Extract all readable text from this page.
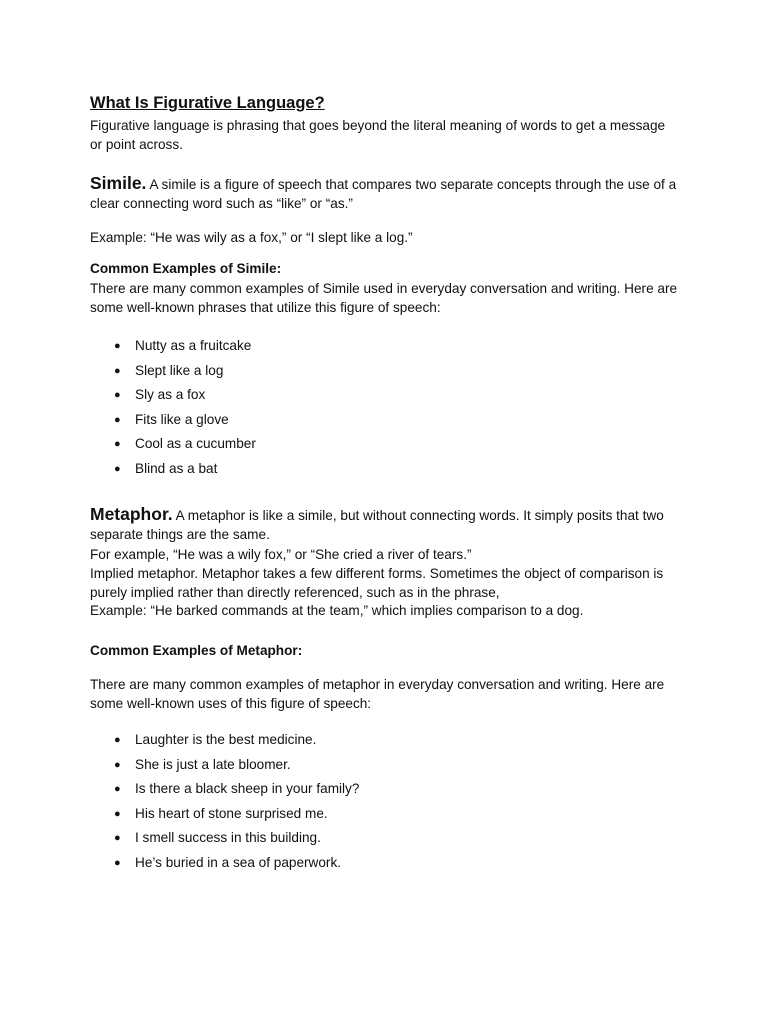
What Is Figurative Language?

Figurative language is phrasing that goes beyond the literal meaning of words to get a message or point across.

Simile. A simile is a figure of speech that compares two separate concepts through the use of a clear connecting word such as “like” or “as.”

Example: “He was wily as a fox,” or “I slept like a log.”

Common Examples of Simile:

There are many common examples of Simile used in everyday conversation and writing. Here are some well-known phrases that utilize this figure of speech:

● Nutty as a fruitcake
● Slept like a log
● Sly as a fox
● Fits like a glove
● Cool as a cucumber
● Blind as a bat

Metaphor. A metaphor is like a simile, but without connecting words. It simply posits that two separate things are the same.

For example, “He was a wily fox,” or “She cried a river of tears.”

Implied metaphor. Metaphor takes a few different forms. Sometimes the object of comparison is purely implied rather than directly referenced, such as in the phrase,

Example: “He barked commands at the team,” which implies comparison to a dog.

Common Examples of Metaphor:

There are many common examples of metaphor in everyday conversation and writing. Here are some well-known uses of this figure of speech:

● Laughter is the best medicine.
● She is just a late bloomer.
● Is there a black sheep in your family?
● His heart of stone surprised me.
● I smell success in this building.
● He’s buried in a sea of paperwork.
